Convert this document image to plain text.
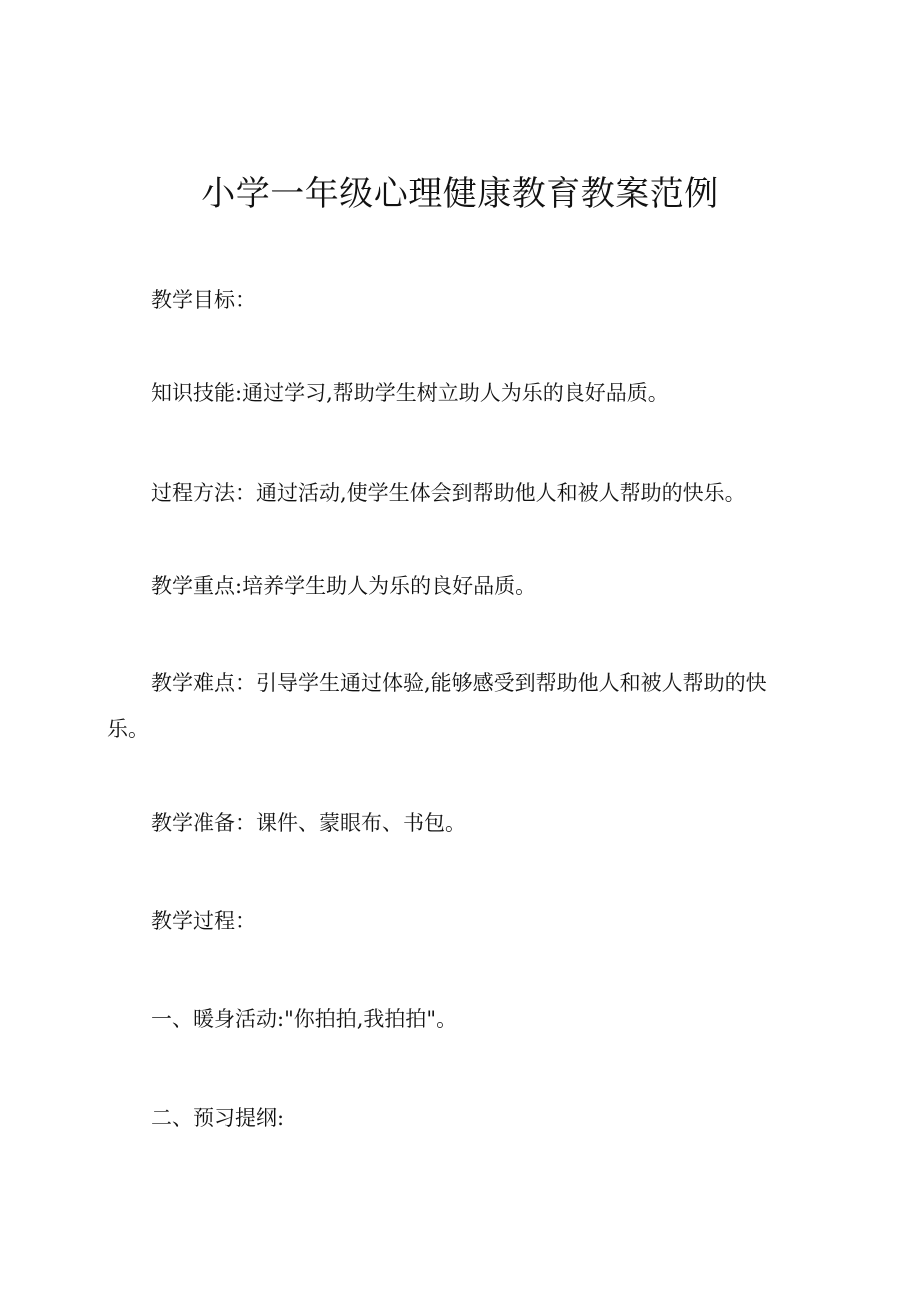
小学一年级心理健康教育教案范例

教学目标：

知识技能:通过学习,帮助学生树立助人为乐的良好品质。

过程方法：通过活动,使学生体会到帮助他人和被人帮助的快乐。

教学重点:培养学生助人为乐的良好品质。

教学难点：引导学生通过体验,能够感受到帮助他人和被人帮助的快乐。

教学准备：课件、蒙眼布、书包。

教学过程：

一、暖身活动:"你拍拍,我拍拍"。

二、预习提纲:
